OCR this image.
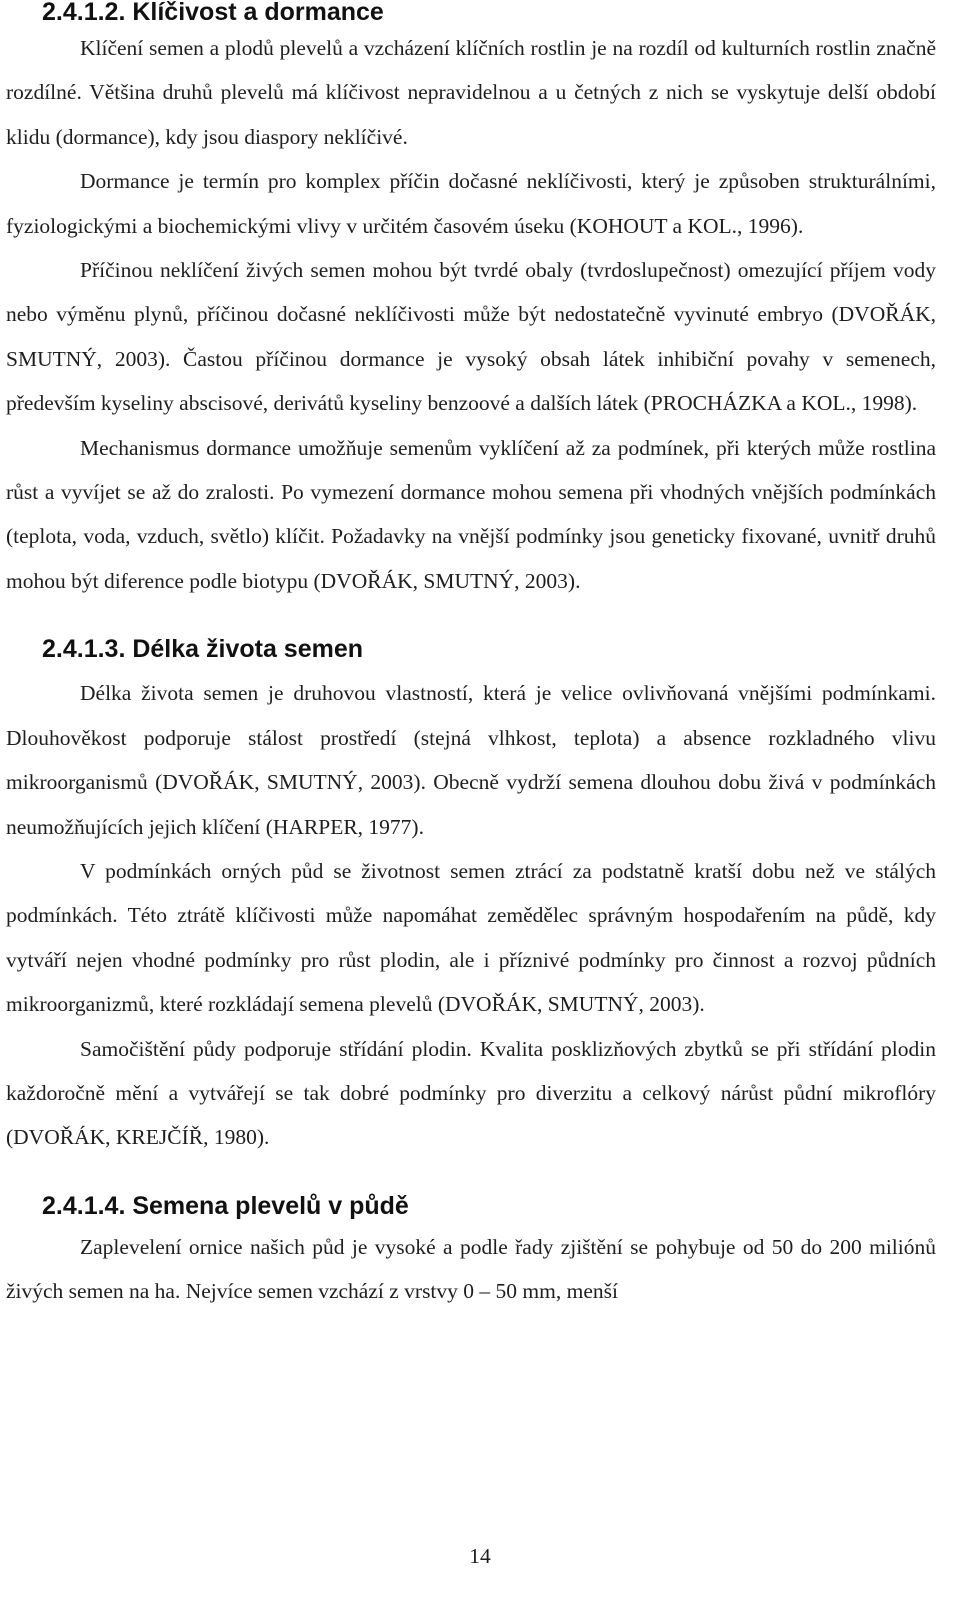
2.4.1.2. Klíčivost a dormance

Klíčení semen a plodů plevelů a vzcházení klíčních rostlin je na rozdíl od kulturních rostlin značně rozdílné. Většina druhů plevelů má klíčivost nepravidelnou a u četných z nich se vyskytuje delší období klidu (dormance), kdy jsou diaspory neklíčivé.

Dormance je termín pro komplex příčin dočasné neklíčivosti, který je způsoben strukturálními, fyziologickými a biochemickými vlivy v určitém časovém úseku (KOHOUT a KOL., 1996).

Příčinou neklíčení živých semen mohou být tvrdé obaly (tvrdoslupečnost) omezující příjem vody nebo výměnu plynů, příčinou dočasné neklíčivosti může být nedostatečně vyvinuté embryo (DVOŘÁK, SMUTNÝ, 2003). Častou příčinou dormance je vysoký obsah látek inhibiční povahy v semenech, především kyseliny abscisové, derivátů kyseliny benzoové a dalších látek (PROCHÁZKA a KOL., 1998).

Mechanismus dormance umožňuje semenům vyklíčení až za podmínek, při kterých může rostlina růst a vyvíjet se až do zralosti. Po vymezení dormance mohou semena při vhodných vnějších podmínkách (teplota, voda, vzduch, světlo) klíčit. Požadavky na vnější podmínky jsou geneticky fixované, uvnitř druhů mohou být diference podle biotypu (DVOŘÁK, SMUTNÝ, 2003).

2.4.1.3. Délka života semen

Délka života semen je druhovou vlastností, která je velice ovlivňovaná vnějšími podmínkami. Dlouhověkost podporuje stálost prostředí (stejná vlhkost, teplota) a absence rozkladného vlivu mikroorganismů (DVOŘÁK, SMUTNÝ, 2003). Obecně vydrží semena dlouhou dobu živá v podmínkách neumožňujících jejich klíčení (HARPER, 1977).

V podmínkách orných půd se životnost semen ztrácí za podstatně kratší dobu než ve stálých podmínkách. Této ztrátě klíčivosti může napomáhat zemědělec správným hospodařením na půdě, kdy vytváří nejen vhodné podmínky pro růst plodin, ale i příznivé podmínky pro činnost a rozvoj půdních mikroorganizmů, které rozkládají semena plevelů (DVOŘÁK, SMUTNÝ, 2003).

Samočištění půdy podporuje střídání plodin. Kvalita posklizňových zbytků se při střídání plodin každoročně mění a vytvářejí se tak dobré podmínky pro diverzitu a celkový nárůst půdní mikroflóry (DVOŘÁK, KREJČÍŘ, 1980).

2.4.1.4. Semena plevelů v půdě

Zaplevelení ornice našich půd je vysoké a podle řady zjištění se pohybuje od 50 do 200 miliónů živých semen na ha. Nejvíce semen vzchází z vrstvy 0 – 50 mm, menší

14
